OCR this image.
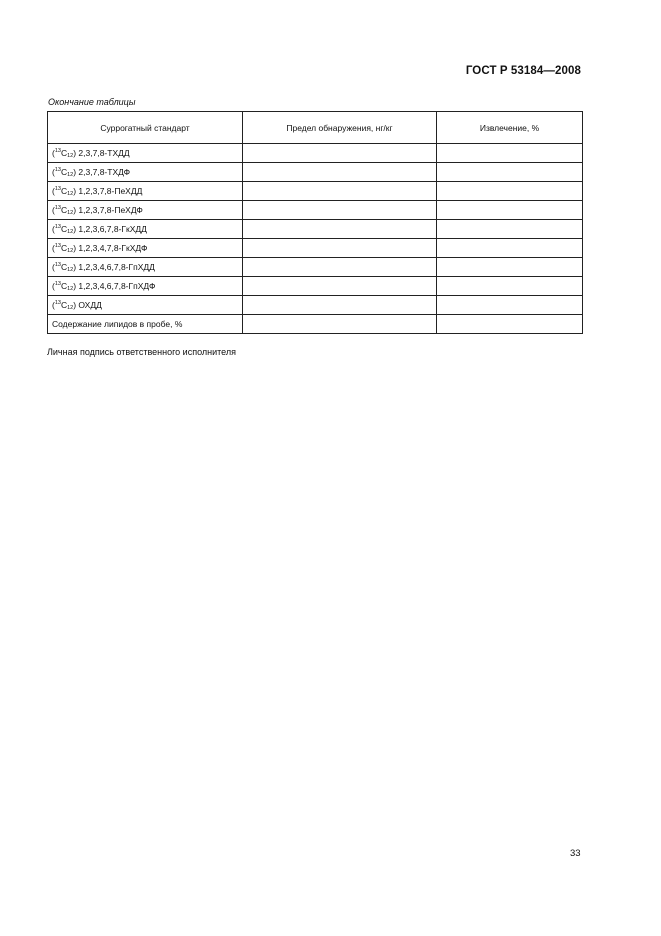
ГОСТ Р 53184—2008
Окончание таблицы
Суррогатный стандарт	Предел обнаружения, нг/кг	Извлечение, %
$(^{13}C_{12})$ 2,3,7,8-ТХДД		
$(^{13}C_{12})$ 2,3,7,8-ТХДФ		
$(^{13}C_{12})$ 1,2,3,7,8-ПеХДД		
$(^{13}C_{12})$ 1,2,3,7,8-ПеХДФ		
$(^{13}C_{12})$ 1,2,3,6,7,8-ГкХДД		
$(^{13}C_{12})$ 1,2,3,4,7,8-ГкХДФ		
$(^{13}C_{12})$ 1,2,3,4,6,7,8-ГпХДД		
$(^{13}C_{12})$ 1,2,3,4,6,7,8-ГпХДФ		
$(^{13}C_{12})$ ОХДД		
Содержание липидов в пробе, %		
Личная подпись ответственного исполнителя
33
